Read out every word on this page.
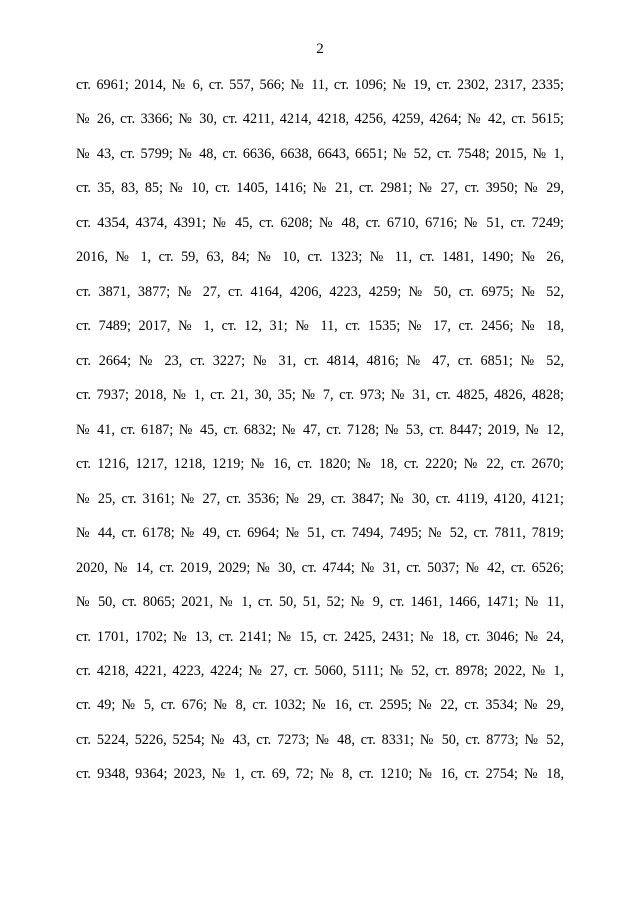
2
ст. 6961; 2014, № 6, ст. 557, 566; № 11, ст. 1096; № 19, ст. 2302, 2317, 2335;
№ 26, ст. 3366; № 30, ст. 4211, 4214, 4218, 4256, 4259, 4264; № 42, ст. 5615;
№ 43, ст. 5799; № 48, ст. 6636, 6638, 6643, 6651; № 52, ст. 7548; 2015, № 1,
ст. 35, 83, 85; № 10, ст. 1405, 1416; № 21, ст. 2981; № 27, ст. 3950; № 29,
ст. 4354, 4374, 4391; № 45, ст. 6208; № 48, ст. 6710, 6716; № 51, ст. 7249;
2016, № 1, ст. 59, 63, 84; № 10, ст. 1323; № 11, ст. 1481, 1490; № 26,
ст. 3871, 3877; № 27, ст. 4164, 4206, 4223, 4259; № 50, ст. 6975; № 52,
ст. 7489; 2017, № 1, ст. 12, 31; № 11, ст. 1535; № 17, ст. 2456; № 18,
ст. 2664; № 23, ст. 3227; № 31, ст. 4814, 4816; № 47, ст. 6851; № 52,
ст. 7937; 2018, № 1, ст. 21, 30, 35; № 7, ст. 973; № 31, ст. 4825, 4826, 4828;
№ 41, ст. 6187; № 45, ст. 6832; № 47, ст. 7128; № 53, ст. 8447; 2019, № 12,
ст. 1216, 1217, 1218, 1219; № 16, ст. 1820; № 18, ст. 2220; № 22, ст. 2670;
№ 25, ст. 3161; № 27, ст. 3536; № 29, ст. 3847; № 30, ст. 4119, 4120, 4121;
№ 44, ст. 6178; № 49, ст. 6964; № 51, ст. 7494, 7495; № 52, ст. 7811, 7819;
2020, № 14, ст. 2019, 2029; № 30, ст. 4744; № 31, ст. 5037; № 42, ст. 6526;
№ 50, ст. 8065; 2021, № 1, ст. 50, 51, 52; № 9, ст. 1461, 1466, 1471; № 11,
ст. 1701, 1702; № 13, ст. 2141; № 15, ст. 2425, 2431; № 18, ст. 3046; № 24,
ст. 4218, 4221, 4223, 4224; № 27, ст. 5060, 5111; № 52, ст. 8978; 2022, № 1,
ст. 49; № 5, ст. 676; № 8, ст. 1032; № 16, ст. 2595; № 22, ст. 3534; № 29,
ст. 5224, 5226, 5254; № 43, ст. 7273; № 48, ст. 8331; № 50, ст. 8773; № 52,
ст. 9348, 9364; 2023, № 1, ст. 69, 72; № 8, ст. 1210; № 16, ст. 2754; № 18,
